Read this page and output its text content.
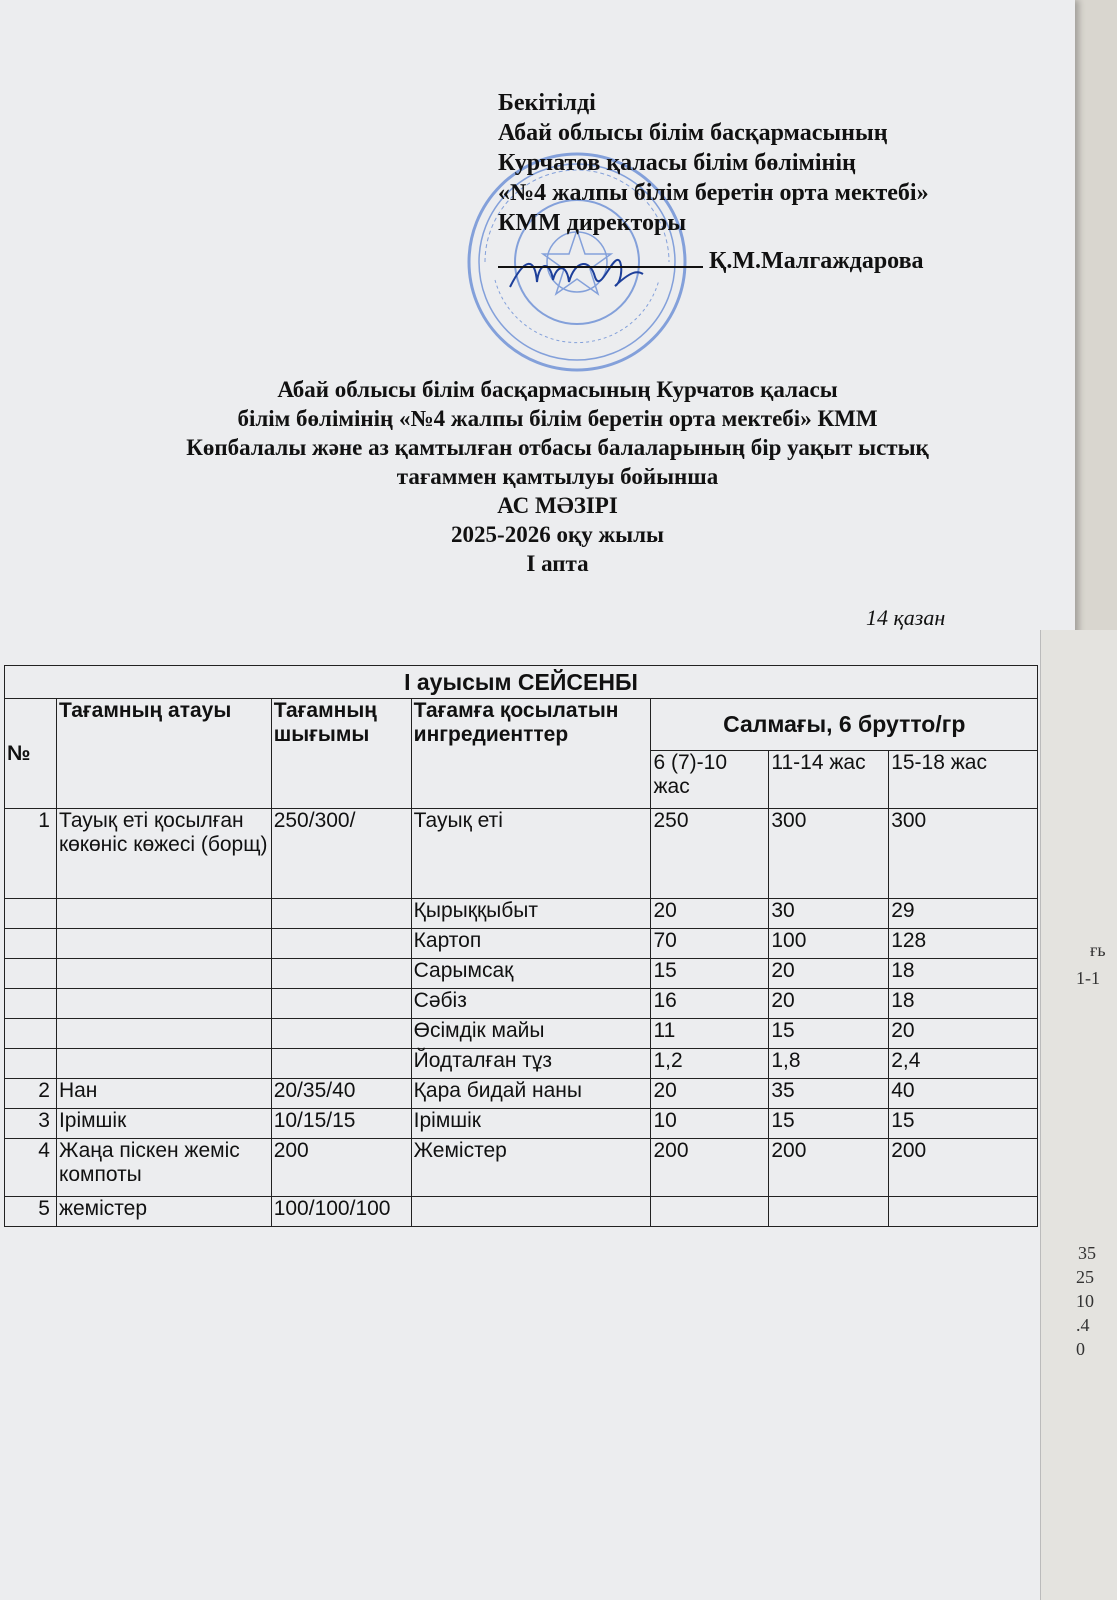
ғь
1-1
35
25
10
.4
0
Бекітілді
Абай облысы білім басқармасының
Курчатов қаласы білім бөлімінің
«№4 жалпы білім беретін орта мектебі»
КММ директоры
Қ.М.Малгаждарова
Абай облысы білім басқармасының Курчатов қаласы
білім бөлімінің «№4 жалпы білім беретін орта мектебі» КММ
Көпбалалы және аз қамтылған отбасы балаларының бір уақыт ыстық
тағаммен қамтылуы бойынша
АС МӘЗІРІ
2025-2026 оқу жылы
І апта
14 қазан
І ауысым СЕЙСЕНБІ						
№	Тағамның атауы	Тағамның шығымы	Тағамға қосылатын ингредиенттер	Салмағы, 6 брутто/гр		
				6 (7)-10 жас	11-14 жас	15-18 жас
1	Тауық еті қосылған көкөніс көжесі (борщ)	250/300/	Тауық еті	250	300	300
			Қырыққыбыт	20	30	29
			Картоп	70	100	128
			Сарымсақ	15	20	18
			Сәбіз	16	20	18
			Өсімдік майы	11	15	20
			Йодталған тұз	1,2	1,8	2,4
2	Нан	20/35/40	Қара бидай наны	20	35	40
3	Ірімшік	10/15/15	Ірімшік	10	15	15
4	Жаңа піскен жеміс компоты	200	Жемістер	200	200	200
5	жемістер	100/100/100				
